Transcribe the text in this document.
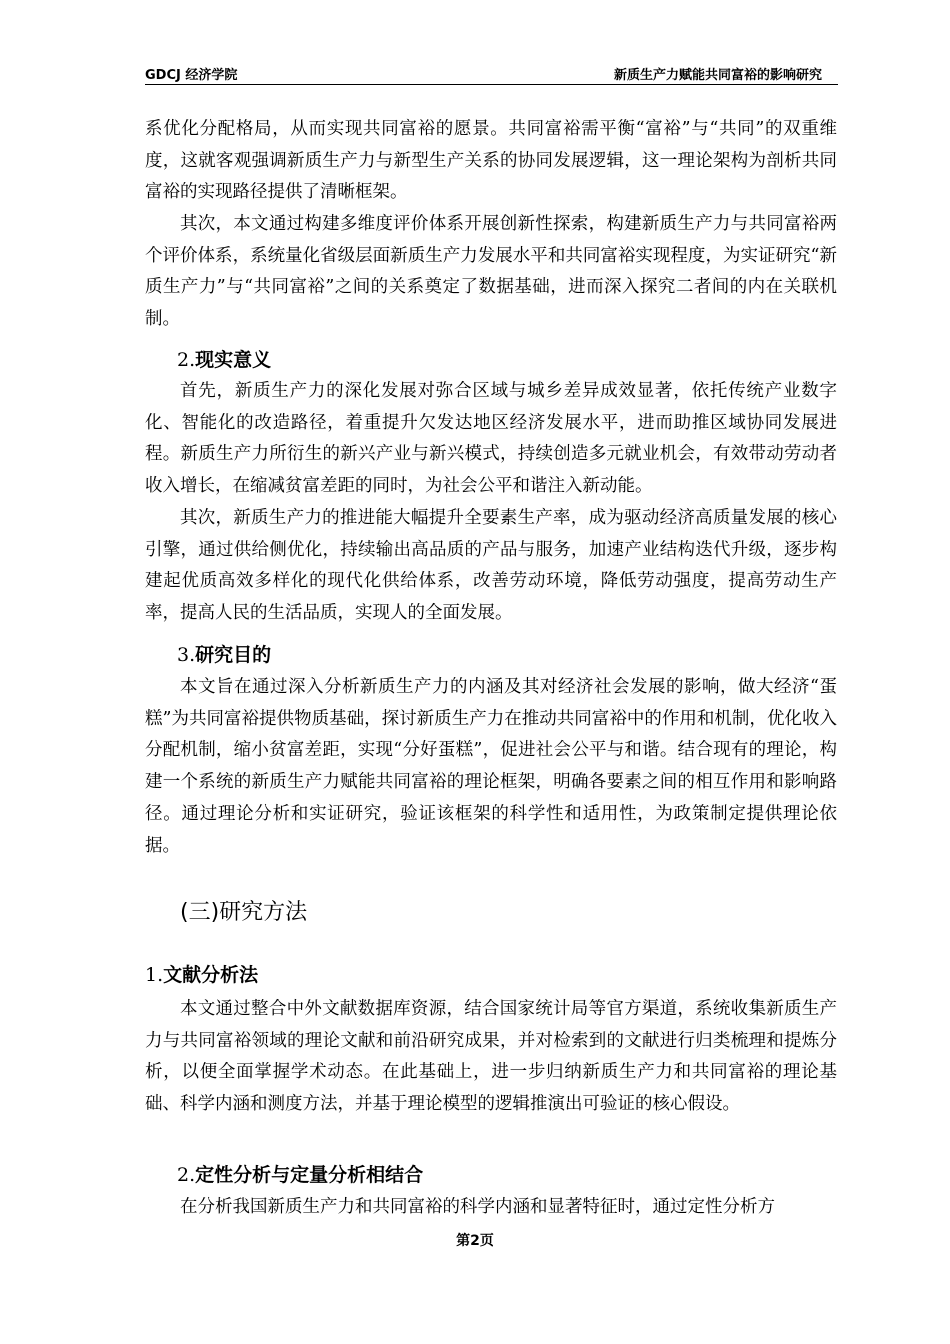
GDCJ 经济学院	新质生产力赋能共同富裕的影响研究

系优化分配格局，从而实现共同富裕的愿景。共同富裕需平衡“富裕”与“共同”的双重维度，这就客观强调新质生产力与新型生产关系的协同发展逻辑，这一理论架构为剖析共同富裕的实现路径提供了清晰框架。

其次，本文通过构建多维度评价体系开展创新性探索，构建新质生产力与共同富裕两个评价体系，系统量化省级层面新质生产力发展水平和共同富裕实现程度，为实证研究“新质生产力”与“共同富裕”之间的关系奠定了数据基础，进而深入探究二者间的内在关联机制。

2.现实意义

首先，新质生产力的深化发展对弥合区域与城乡差异成效显著，依托传统产业数字化、智能化的改造路径，着重提升欠发达地区经济发展水平，进而助推区域协同发展进程。新质生产力所衍生的新兴产业与新兴模式，持续创造多元就业机会，有效带动劳动者收入增长，在缩减贫富差距的同时，为社会公平和谐注入新动能。

其次，新质生产力的推进能大幅提升全要素生产率，成为驱动经济高质量发展的核心引擎，通过供给侧优化，持续输出高品质的产品与服务，加速产业结构迭代升级，逐步构建起优质高效多样化的现代化供给体系，改善劳动环境，降低劳动强度，提高劳动生产率，提高人民的生活品质，实现人的全面发展。

3.研究目的

本文旨在通过深入分析新质生产力的内涵及其对经济社会发展的影响，做大经济“蛋糕”为共同富裕提供物质基础，探讨新质生产力在推动共同富裕中的作用和机制，优化收入分配机制，缩小贫富差距，实现“分好蛋糕”，促进社会公平与和谐。结合现有的理论，构建一个系统的新质生产力赋能共同富裕的理论框架，明确各要素之间的相互作用和影响路径。通过理论分析和实证研究，验证该框架的科学性和适用性，为政策制定提供理论依据。

(三)研究方法
1.文献分析法

本文通过整合中外文献数据库资源，结合国家统计局等官方渠道，系统收集新质生产力与共同富裕领域的理论文献和前沿研究成果，并对检索到的文献进行归类梳理和提炼分析，以便全面掌握学术动态。在此基础上，进一步归纳新质生产力和共同富裕的理论基础、科学内涵和测度方法，并基于理论模型的逻辑推演出可验证的核心假设。

2.定性分析与定量分析相结合

在分析我国新质生产力和共同富裕的科学内涵和显著特征时，通过定性分析方

第2页
